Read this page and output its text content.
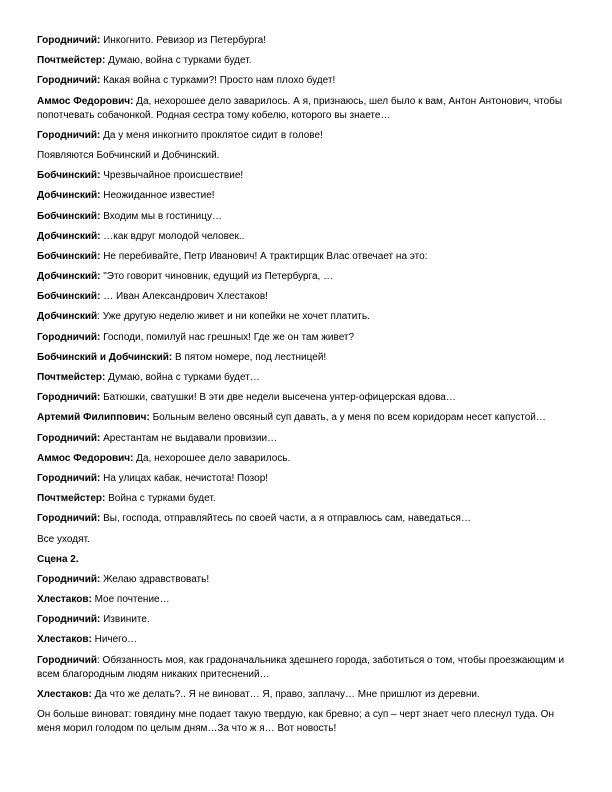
Городничий: Инкогнито. Ревизор из Петербурга!

Почтмейстер: Думаю, война с турками будет.

Городничий: Какая война с турками?! Просто нам плохо будет!

Аммос Федорович: Да, нехорошее дело заварилось. А я, признаюсь, шел было к вам, Антон Антонович, чтобы попотчевать собачонкой. Родная сестра тому кобелю, которого вы знаете…

Городничий: Да у меня инкогнито проклятое сидит в голове!

Появляются Бобчинский и Добчинский.

Бобчинский: Чрезвычайное происшествие!

Добчинский: Неожиданное известие!

Бобчинский: Входим мы в гостиницу…

Добчинский: …как вдруг молодой человек..

Бобчинский: Не перебивайте, Петр Иванович! А трактирщик Влас отвечает на это:

Добчинский: "Это говорит чиновник, едущий из Петербурга, …

Бобчинский: … Иван Александрович Хлестаков!

Добчинский: Уже другую неделю живет и ни копейки не хочет платить.

Городничий: Господи, помилуй нас грешных! Где же он там живет?

Бобчинский и Добчинский: В пятом номере, под лестницей!

Почтмейстер: Думаю, война с турками будет…

Городничий: Батюшки, сватушки! В эти две недели высечена унтер-офицерская вдова…

Артемий Филиппович: Больным велено овсяный суп давать, а у меня по всем коридорам несет капустой…

Городничий: Арестантам не выдавали провизии…

Аммос Федорович: Да, нехорошее дело заварилось.

Городничий: На улицах кабак, нечистота! Позор!

Почтмейстер: Война с турками будет.

Городничий: Вы, господа, отправляйтесь по своей части, а я отправлюсь сам, наведаться…

Все уходят.

Сцена 2.

Городничий: Желаю здравствовать!

Хлестаков: Мое почтение…

Городничий: Извините.

Хлестаков: Ничего…

Городничий: Обязанность моя, как градоначальника здешнего города, заботиться о том, чтобы проезжающим и всем благородным людям никаких притеснений…

Хлестаков: Да что же делать?.. Я не виноват… Я, право, заплачу… Мне пришлют из деревни.

Он больше виноват: говядину мне подает такую твердую, как бревно; а суп – черт знает чего плеснул туда. Он меня морил голодом по целым дням…За что ж я… Вот новость!
